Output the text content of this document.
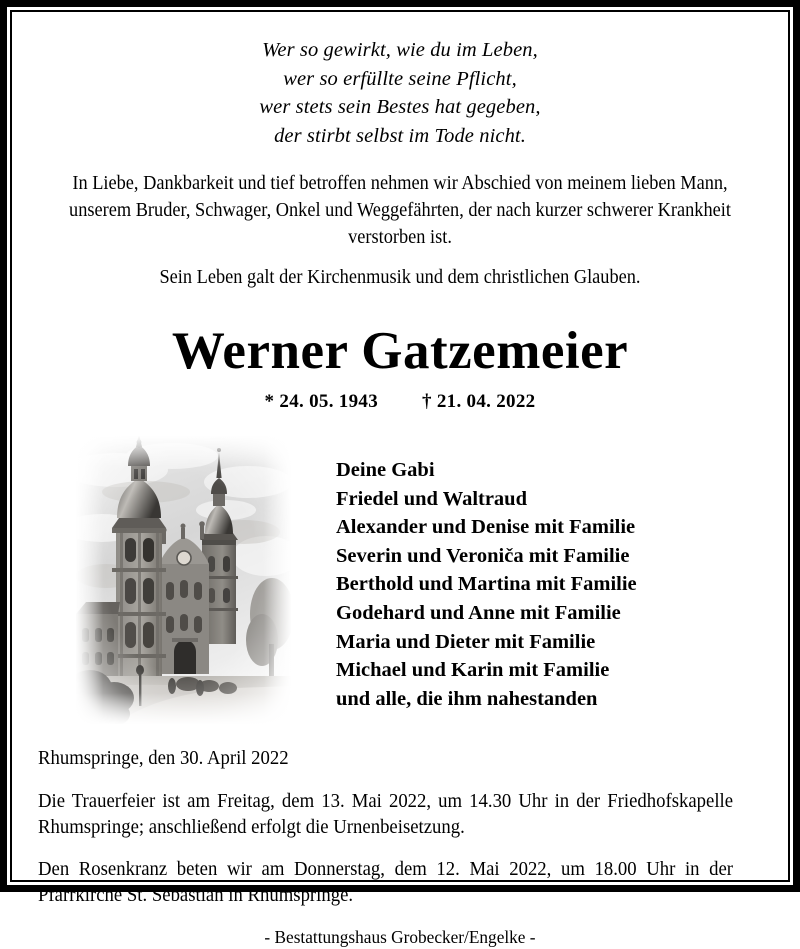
Wer so gewirkt, wie du im Leben,
wer so erfüllte seine Pflicht,
wer stets sein Bestes hat gegeben,
der stirbt selbst im Tode nicht.
In Liebe, Dankbarkeit und tief betroffen nehmen wir Abschied von meinem lieben Mann, unserem Bruder, Schwager, Onkel und Weggefährten, der nach kurzer schwerer Krankheit verstorben ist.
Sein Leben galt der Kirchenmusik und dem christlichen Glauben.
Werner Gatzemeier
* 24. 05. 1943 † 21. 04. 2022
Deine Gabi
Friedel und Waltraud
Alexander und Denise mit Familie
Severin und Veroniča mit Familie
Berthold und Martina mit Familie
Godehard und Anne mit Familie
Maria und Dieter mit Familie
Michael und Karin mit Familie
und alle, die ihm nahestanden
Rhumspringe, den 30. April 2022
Die Trauerfeier ist am Freitag, dem 13. Mai 2022, um 14.30 Uhr in der Friedhofskapelle Rhumspringe; anschließend erfolgt die Urnenbeisetzung.
Den Rosenkranz beten wir am Donnerstag, dem 12. Mai 2022, um 18.00 Uhr in der Pfarrkirche St. Sebastian in Rhumspringe.
- Bestattungshaus Grobecker/Engelke -
